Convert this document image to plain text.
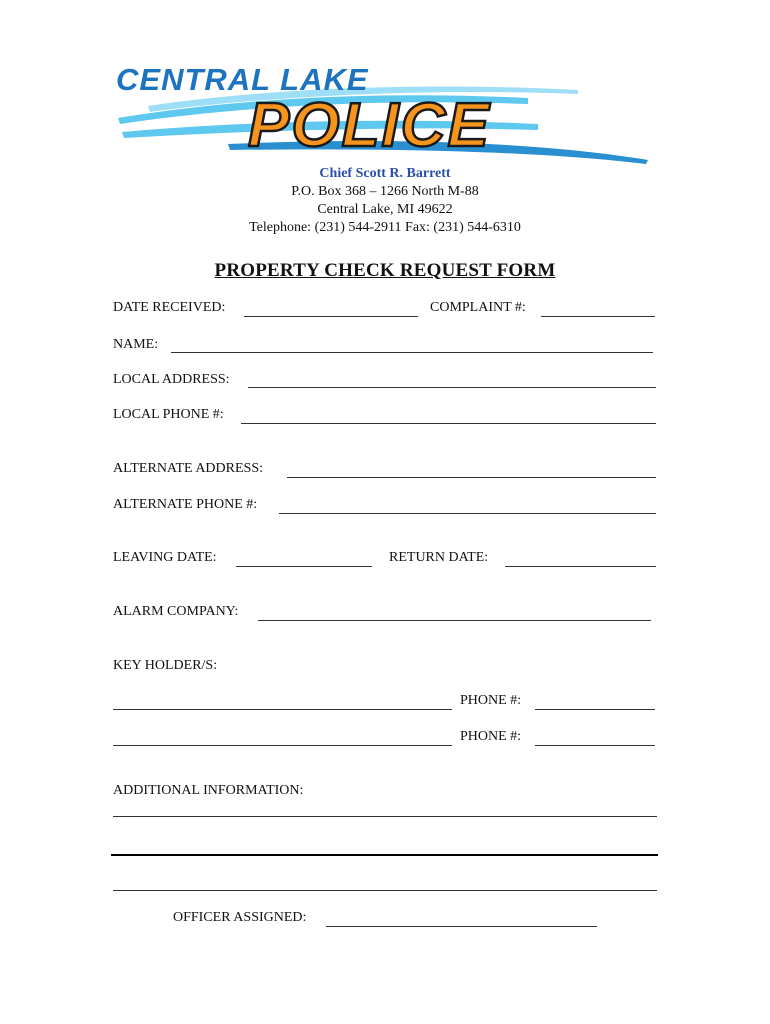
CENTRAL LAKE
POLICE
Chief Scott R. Barrett
P.O. Box 368 – 1266 North M-88
Central Lake, MI 49622
Telephone: (231) 544-2911 Fax: (231) 544-6310
PROPERTY CHECK REQUEST FORM
DATE RECEIVED:	COMPLAINT #:
NAME:
LOCAL ADDRESS:
LOCAL PHONE #:
ALTERNATE ADDRESS:
ALTERNATE PHONE #:
LEAVING DATE:	RETURN DATE:
ALARM COMPANY:
KEY HOLDER/S:
PHONE #:
PHONE #:
ADDITIONAL INFORMATION:
OFFICER ASSIGNED:
